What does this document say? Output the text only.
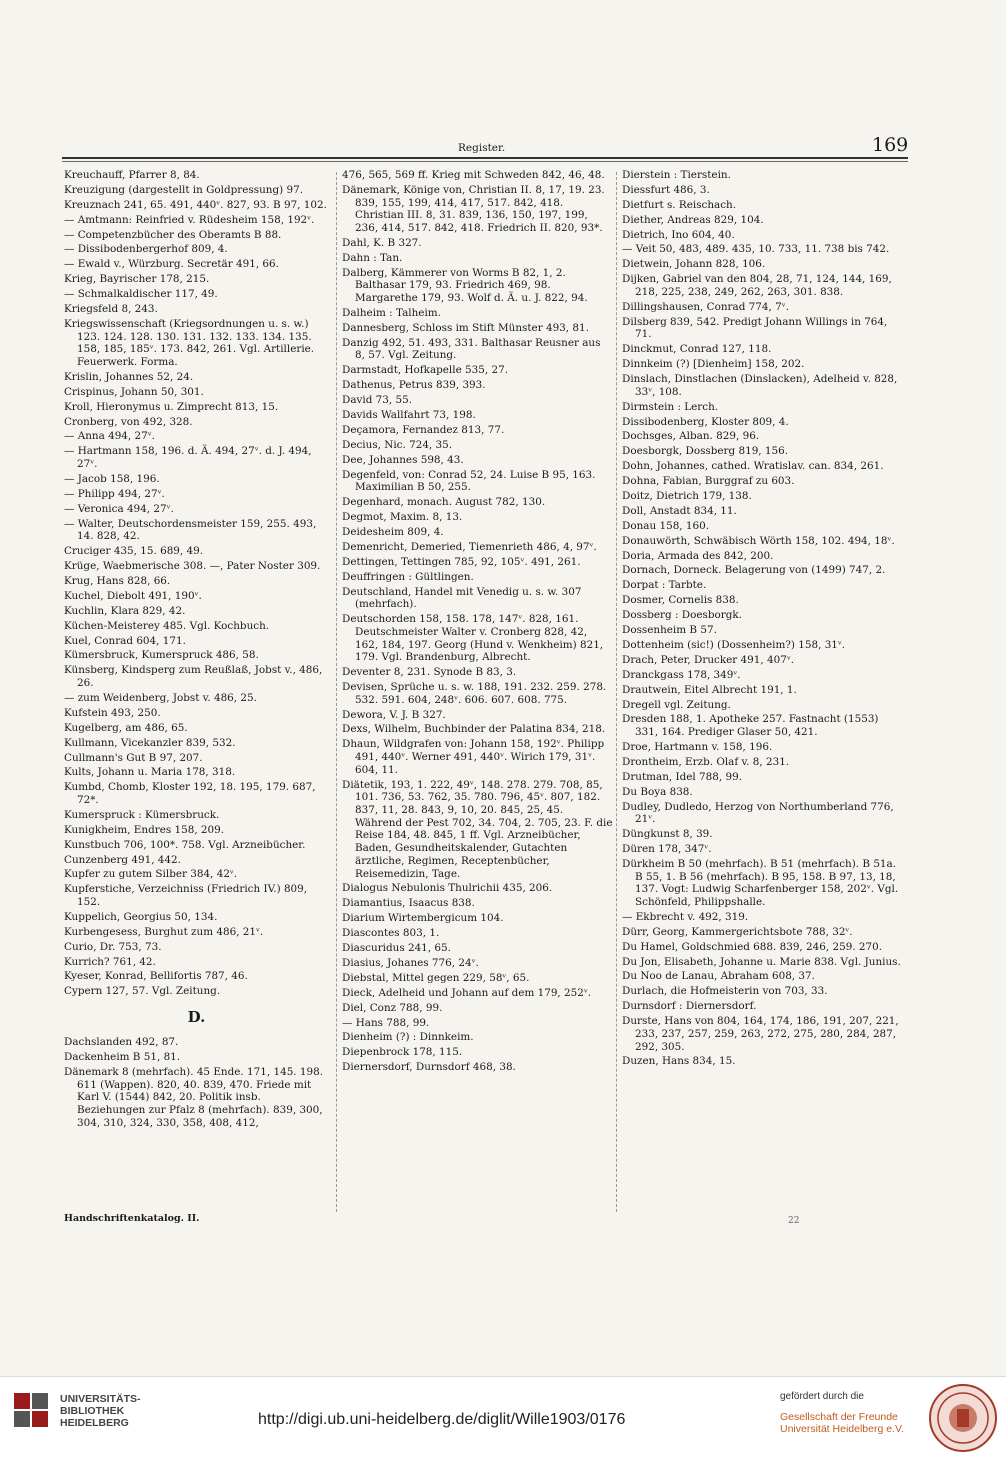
Register.	169
Kreuchauff, Pfarrer 8, 84.
Kreuzigung (dargestellt in Goldpressung) 97.
Kreuznach 241, 65. 491, 440ᵛ. 827, 93. B 97, 102.
— Amtmann: Reinfried v. Rüdesheim 158, 192ᵛ.
— Competenzbücher des Oberamts B 88.
— Dissibodenbergerhof 809, 4.
— Ewald v., Würzburg. Secretär 491, 66.
Krieg, Bayrischer 178, 215.
— Schmalkaldischer 117, 49.
Kriegsfeld 8, 243.
Kriegswissenschaft (Kriegsordnungen u. s. w.) 123. 124. 128. 130. 131. 132. 133. 134. 135. 158, 185, 185ᵛ. 173. 842, 261. Vgl. Artillerie. Feuerwerk. Forma.
Krislin, Johannes 52, 24.
Crispinus, Johann 50, 301.
Kroll, Hieronymus u. Zimprecht 813, 15.
Cronberg, von 492, 328.
— Anna 494, 27ᵛ.
— Hartmann 158, 196. d. Ä. 494, 27ᵛ. d. J. 494, 27ᵛ.
— Jacob 158, 196.
— Philipp 494, 27ᵛ.
— Veronica 494, 27ᵛ.
— Walter, Deutschordensmeister 159, 255. 493, 14. 828, 42.
Cruciger 435, 15. 689, 49.
Krüge, Waebmerische 308. —, Pater Noster 309.
Krug, Hans 828, 66.
Kuchel, Diebolt 491, 190ᵛ.
Kuchlin, Klara 829, 42.
Küchen-Meisterey 485. Vgl. Kochbuch.
Kuel, Conrad 604, 171.
Kümersbruck, Kumerspruck 486, 58.
Künsberg, Kindsperg zum Reußlaß, Jobst v., 486, 26.
— zum Weidenberg, Jobst v. 486, 25.
Kufstein 493, 250.
Kugelberg, am 486, 65.
Kullmann, Vicekanzler 839, 532.
Cullmann's Gut B 97, 207.
Kults, Johann u. Maria 178, 318.
Kumbd, Chomb, Kloster 192, 18. 195, 179. 687, 72*.
Kumerspruck : Kümersbruck.
Kunigkheim, Endres 158, 209.
Kunstbuch 706, 100*. 758. Vgl. Arzneibücher.
Cunzenberg 491, 442.
Kupfer zu gutem Silber 384, 42ᵛ.
Kupferstiche, Verzeichniss (Friedrich IV.) 809, 152.
Kuppelich, Georgius 50, 134.
Kurbengesess, Burghut zum 486, 21ᵛ.
Curio, Dr. 753, 73.
Kurrich? 761, 42.
Kyeser, Konrad, Bellifortis 787, 46.
Cypern 127, 57. Vgl. Zeitung.
D.
Dachslanden 492, 87.
Dackenheim B 51, 81.
Dänemark 8 (mehrfach). 45 Ende. 171, 145. 198. 611 (Wappen). 820, 40. 839, 470. Friede mit Karl V. (1544) 842, 20. Politik insb. Beziehungen zur Pfalz 8 (mehrfach). 839, 300, 304, 310, 324, 330, 358, 408, 412,
476, 565, 569 ff. Krieg mit Schweden 842, 46, 48.
Dänemark, Könige von, Christian II. 8, 17, 19. 23. 839, 155, 199, 414, 417, 517. 842, 418. Christian III. 8, 31. 839, 136, 150, 197, 199, 236, 414, 517. 842, 418. Friedrich II. 820, 93*.
Dahl, K. B 327.
Dahn : Tan.
Dalberg, Kämmerer von Worms B 82, 1, 2. Balthasar 179, 93. Friedrich 469, 98. Margarethe 179, 93. Wolf d. Ä. u. J. 822, 94.
Dalheim : Talheim.
Dannesberg, Schloss im Stift Münster 493, 81.
Danzig 492, 51. 493, 331. Balthasar Reusner aus 8, 57. Vgl. Zeitung.
Darmstadt, Hofkapelle 535, 27.
Dathenus, Petrus 839, 393.
David 73, 55.
Davids Wallfahrt 73, 198.
Deçamora, Fernandez 813, 77.
Decius, Nic. 724, 35.
Dee, Johannes 598, 43.
Degenfeld, von: Conrad 52, 24. Luise B 95, 163. Maximilian B 50, 255.
Degenhard, monach. August 782, 130.
Degmot, Maxim. 8, 13.
Deidesheim 809, 4.
Demenricht, Demeried, Tiemenrieth 486, 4, 97ᵛ.
Dettingen, Tettingen 785, 92, 105ᵛ. 491, 261.
Deuffringen : Gültlingen.
Deutschland, Handel mit Venedig u. s. w. 307 (mehrfach).
Deutschorden 158, 158. 178, 147ᵛ. 828, 161. Deutschmeister Walter v. Cronberg 828, 42, 162, 184, 197. Georg (Hund v. Wenkheim) 821, 179. Vgl. Brandenburg, Albrecht.
Deventer 8, 231. Synode B 83, 3.
Devisen, Sprüche u. s. w. 188, 191. 232. 259. 278. 532. 591. 604, 248ᵛ. 606. 607. 608. 775.
Dewora, V. J. B 327.
Dexs, Wilhelm, Buchbinder der Palatina 834, 218.
Dhaun, Wildgrafen von: Johann 158, 192ᵛ. Philipp 491, 440ᵛ. Werner 491, 440ᵛ. Wirich 179, 31ᵛ. 604, 11.
Diätetik, 193, 1. 222, 49ᵛ, 148. 278. 279. 708, 85, 101. 736, 53. 762, 35. 780. 796, 45ᵛ. 807, 182. 837, 11, 28. 843, 9, 10, 20. 845, 25, 45. Während der Pest 702, 34. 704, 2. 705, 23. F. die Reise 184, 48. 845, 1 ff. Vgl. Arzneibücher, Baden, Gesundheitskalender, Gutachten ärztliche, Regimen, Receptenbücher, Reisemedizin, Tage.
Dialogus Nebulonis Thulrichii 435, 206.
Diamantius, Isaacus 838.
Diarium Wirtembergicum 104.
Diascontes 803, 1.
Diascuridus 241, 65.
Diasius, Johanes 776, 24ᵛ.
Diebstal, Mittel gegen 229, 58ᵛ, 65.
Dieck, Adelheid und Johann auf dem 179, 252ᵛ.
Diel, Conz 788, 99.
— Hans 788, 99.
Dienheim (?) : Dinnkeim.
Diepenbrock 178, 115.
Diernersdorf, Durnsdorf 468, 38.
Dierstein : Tierstein.
Diessfurt 486, 3.
Dietfurt s. Reischach.
Diether, Andreas 829, 104.
Dietrich, Ino 604, 40.
— Veit 50, 483, 489. 435, 10. 733, 11. 738 bis 742.
Dietwein, Johann 828, 106.
Dijken, Gabriel van den 804, 28, 71, 124, 144, 169, 218, 225, 238, 249, 262, 263, 301. 838.
Dillingshausen, Conrad 774, 7ᵛ.
Dilsberg 839, 542. Predigt Johann Willings in 764, 71.
Dinckmut, Conrad 127, 118.
Dinnkeim (?) [Dienheim] 158, 202.
Dinslach, Dinstlachen (Dinslacken), Adelheid v. 828, 33ᵛ, 108.
Dirmstein : Lerch.
Dissibodenberg, Kloster 809, 4.
Dochsges, Alban. 829, 96.
Doesborgk, Dossberg 819, 156.
Dohn, Johannes, cathed. Wratislav. can. 834, 261.
Dohna, Fabian, Burggraf zu 603.
Doitz, Dietrich 179, 138.
Doll, Anstadt 834, 11.
Donau 158, 160.
Donauwörth, Schwäbisch Wörth 158, 102. 494, 18ᵛ.
Doria, Armada des 842, 200.
Dornach, Dorneck. Belagerung von (1499) 747, 2.
Dorpat : Tarbte.
Dosmer, Cornelis 838.
Dossberg : Doesborgk.
Dossenheim B 57.
Dottenheim (sic!) (Dossenheim?) 158, 31ᵛ.
Drach, Peter, Drucker 491, 407ᵛ.
Dranckgass 178, 349ᵛ.
Drautwein, Eitel Albrecht 191, 1.
Dregell vgl. Zeitung.
Dresden 188, 1. Apotheke 257. Fastnacht (1553) 331, 164. Prediger Glaser 50, 421.
Droe, Hartmann v. 158, 196.
Drontheim, Erzb. Olaf v. 8, 231.
Drutman, Idel 788, 99.
Du Boya 838.
Dudley, Dudledo, Herzog von Northumberland 776, 21ᵛ.
Düngkunst 8, 39.
Düren 178, 347ᵛ.
Dürkheim B 50 (mehrfach). B 51 (mehrfach). B 51a. B 55, 1. B 56 (mehrfach). B 95, 158. B 97, 13, 18, 137. Vogt: Ludwig Scharfenberger 158, 202ᵛ. Vgl. Schönfeld, Philippshalle.
— Ekbrecht v. 492, 319.
Dürr, Georg, Kammergerichtsbote 788, 32ᵛ.
Du Hamel, Goldschmied 688. 839, 246, 259. 270.
Du Jon, Elisabeth, Johanne u. Marie 838. Vgl. Junius.
Du Noo de Lanau, Abraham 608, 37.
Durlach, die Hofmeisterin von 703, 33.
Durnsdorf : Diernersdorf.
Durste, Hans von 804, 164, 174, 186, 191, 207, 221, 233, 237, 257, 259, 263, 272, 275, 280, 284, 287, 292, 305.
Duzen, Hans 834, 15.
Handschriftenkatalog. II.	22
UNIVERSITÄTS-
BIBLIOTHEK
HEIDELBERG	http://digi.ub.uni-heidelberg.de/diglit/Wille1903/0176
gefördert durch die
Gesellschaft der Freunde
Universität Heidelberg e.V.
